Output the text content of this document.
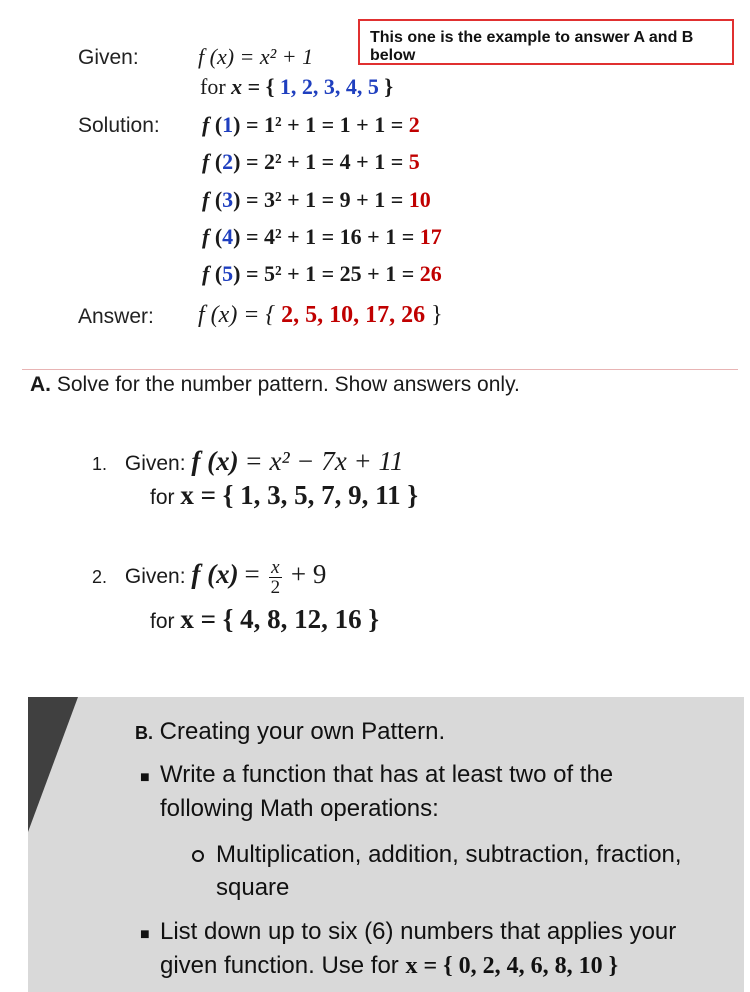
This one is the example to answer A and B below
Given:	f (x) = x² + 1
for x = { 1, 2, 3, 4, 5 }
Solution: f (1) = 1² + 1 = 1 + 1 = 2
f (2) = 2² + 1 = 4 + 1 = 5
f (3) = 3² + 1 = 9 + 1 = 10
f (4) = 4² + 1 = 16 + 1 = 17
f (5) = 5² + 1 = 25 + 1 = 26
Answer: f (x) = { 2, 5, 10, 17, 26 }
A. Solve for the number pattern. Show answers only.
1. Given: f (x) = x² − 7x + 11
for x = { 1, 3, 5, 7, 9, 11 }
2. Given: f $(x) = \frac{x}{2} + 9$
for x = { 4, 8, 12, 16 }
B. Creating your own Pattern.
■ Write a function that has at least two of the
following Math operations:
Multiplication, addition, subtraction, fraction,
square
■ List down up to six (6) numbers that applies your
given function. Use for x = { 0, 2, 4, 6, 8, 10 }
